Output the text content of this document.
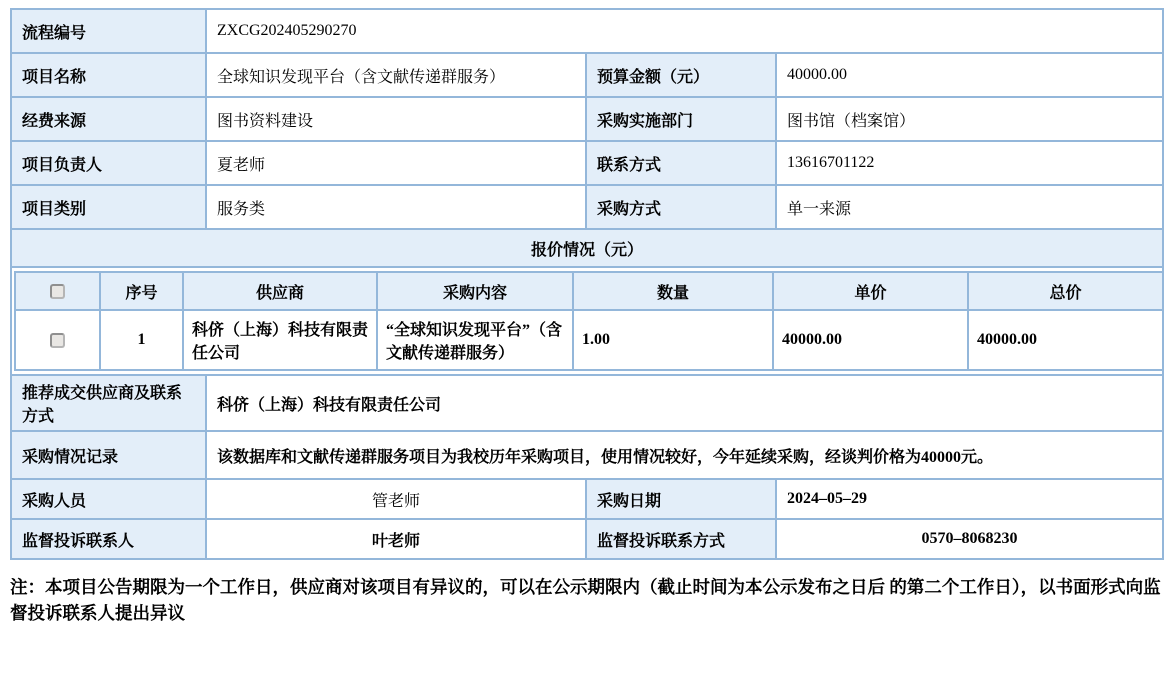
流程编号	ZXCG202405290270
项目名称	全球知识发现平台（含文献传递群服务）	预算金额（元）	40000.00
经费来源	图书资料建设	采购实施部门	图书馆（档案馆）
项目负责人	夏老师	联系方式	13616701122
项目类别	服务类	采购方式	单一来源
报价情况（元）

	序号	供应商	采购内容	数量	单价	总价
	1	科侪（上海）科技有限责任公司	“全球知识发现平台”（含文献传递群服务）	1.00	40000.00	40000.00

推荐成交供应商及联系方式	科侪（上海）科技有限责任公司
采购情况记录	该数据库和文献传递群服务项目为我校历年采购项目，使用情况较好，今年延续采购，经谈判价格为40000元。
采购人员	管老师	采购日期	2024–05–29
监督投诉联系人	叶老师	监督投诉联系方式	0570–8068230
注：本项目公告期限为一个工作日，供应商对该项目有异议的，可以在公示期限内（截止时间为本公示发布之日后 的第二个工作日），以书面形式向监督投诉联系人提出异议
